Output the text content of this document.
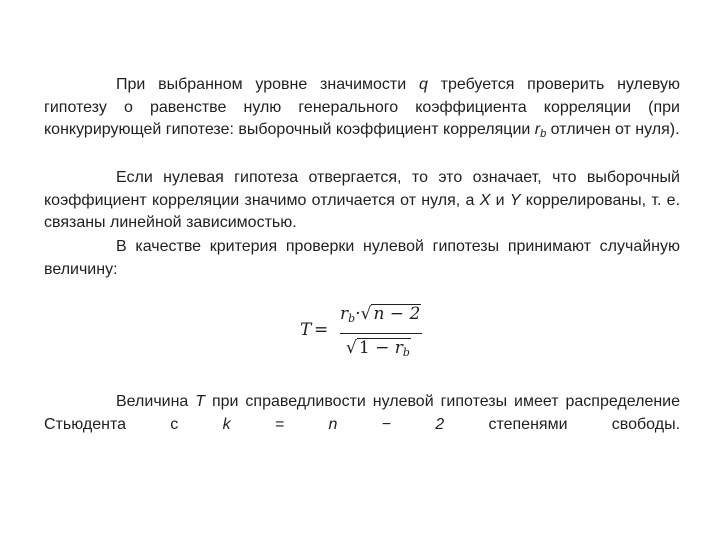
При выбранном уровне значимости q требуется проверить нулевую гипотезу о равенстве нулю генерального коэффициента корреляции (при конкурирующей гипотезе: выборочный коэффициент корреляции $r_b$ отличен от нуля).

Если нулевая гипотеза отвергается, то это означает, что выборочный коэффициент корреляции значимо отличается от нуля, а X и Y коррелированы, т. е. связаны линейной зависимостью.

В качестве критерия проверки нулевой гипотезы принимают случайную величину:

T =
$r_b\cdot√$ n − 2
√ $1 - r_b$

Величина T при справедливости нулевой гипотезы имеет распределение Стьюдента с k = n − 2 степенями свободы.
